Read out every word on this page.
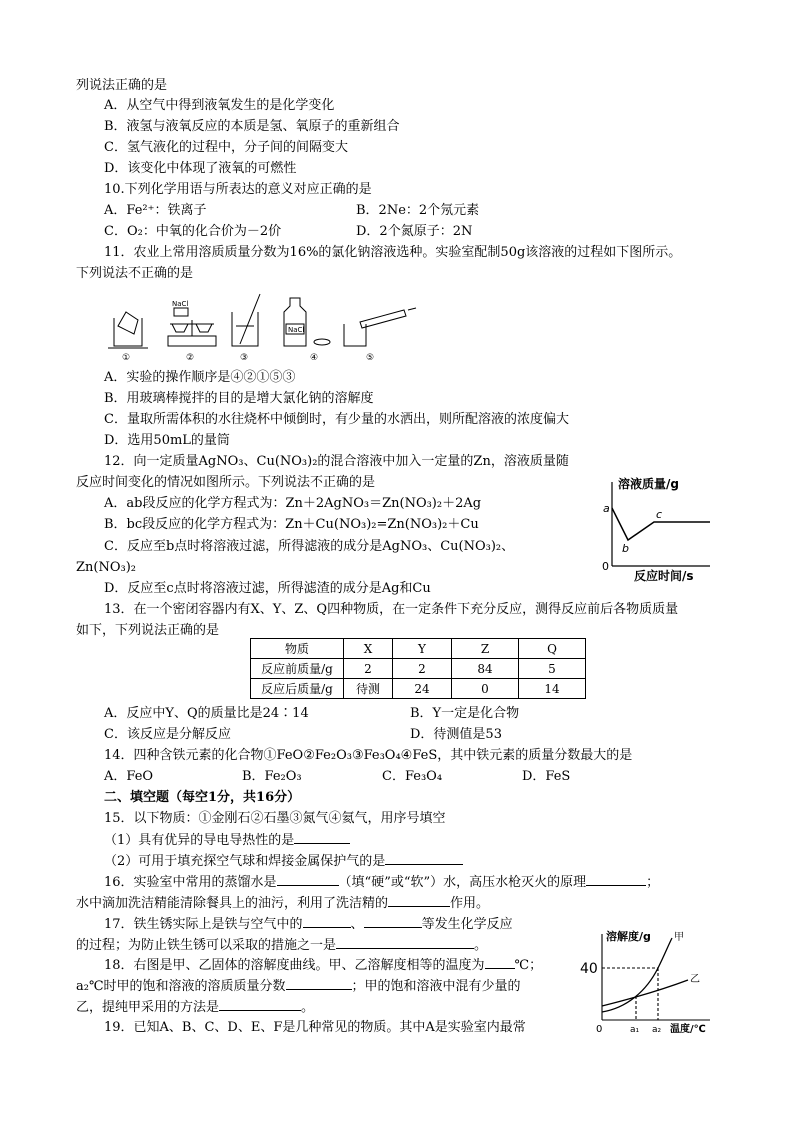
列说法正确的是
A．从空气中得到液氧发生的是化学变化
B．液氢与液氧反应的本质是氢、氧原子的重新组合
C．氢气液化的过程中，分子间的间隔变大
D．该变化中体现了液氧的可燃性
10.下列化学用语与所表达的意义对应正确的是
A．Fe²⁺：铁离子	B．2Ne：2个氖元素
C．O₂：中氧的化合价为－2价	D．2个氮原子：2N
11．农业上常用溶质质量分数为16%的氯化钠溶液选种。实验室配制50g该溶液的过程如下图所示。
下列说法不正确的是
NaCl
NaCl
①	②	③	④	⑤
A．实验的操作顺序是④②①⑤③
B．用玻璃棒搅拌的目的是增大氯化钠的溶解度
C．量取所需体积的水往烧杯中倾倒时，有少量的水洒出，则所配溶液的浓度偏大
D．选用50mL的量筒
12．向一定质量AgNO₃、Cu(NO₃)₂的混合溶液中加入一定量的Zn，溶液质量随
反应时间变化的情况如图所示。下列说法不正确的是
A．ab段反应的化学方程式为：Zn＋2AgNO₃＝Zn(NO₃)₂＋2Ag
B．bc段反应的化学方程式为：Zn＋Cu(NO₃)₂=Zn(NO₃)₂＋Cu
C．反应至b点时将溶液过滤，所得滤液的成分是AgNO₃、Cu(NO₃)₂、
Zn(NO₃)₂
D．反应至c点时将溶液过滤，所得滤渣的成分是Ag和Cu
溶液质量/g
反应时间/s
0
a
b
c
13．在一个密闭容器内有X、Y、Z、Q四种物质，在一定条件下充分反应，测得反应前后各物质质量
如下，下列说法正确的是
物质	X	Y	Z	Q
反应前质量/g	2	2	84	5
反应后质量/g	待测	24	0	14
A．反应中Y、Q的质量比是24∶14	B．Y一定是化合物
C．该反应是分解反应	D．待测值是53
14．四种含铁元素的化合物①FeO②Fe₂O₃③Fe₃O₄④FeS，其中铁元素的质量分数最大的是
A．FeO	B．Fe₂O₃	C．Fe₃O₄	D．FeS
二、填空题（每空1分，共16分）
15．以下物质：①金刚石②石墨③氮气④氦气，用序号填空
（1）具有优异的导电导热性的是
（2）可用于填充探空气球和焊接金属保护气的是
16．实验室中常用的蒸馏水是	（填“硬”或“软”）水，高压水枪灭火的原理	；
水中滴加洗洁精能清除餐具上的油污，利用了洗洁精的	作用。
17．铁生锈实际上是铁与空气中的	、	等发生化学反应
的过程；为防止铁生锈可以采取的措施之一是	。
18．右图是甲、乙固体的溶解度曲线。甲、乙溶解度相等的温度为 ℃；
a₂℃时甲的饱和溶液的溶质质量分数	；甲的饱和溶液中混有少量的
乙，提纯甲采用的方法是	。
溶解度/g
40
0	a₁ a₂ 温度/℃
甲
乙
19．已知A、B、C、D、E、F是几种常见的物质。其中A是实验室内最常
